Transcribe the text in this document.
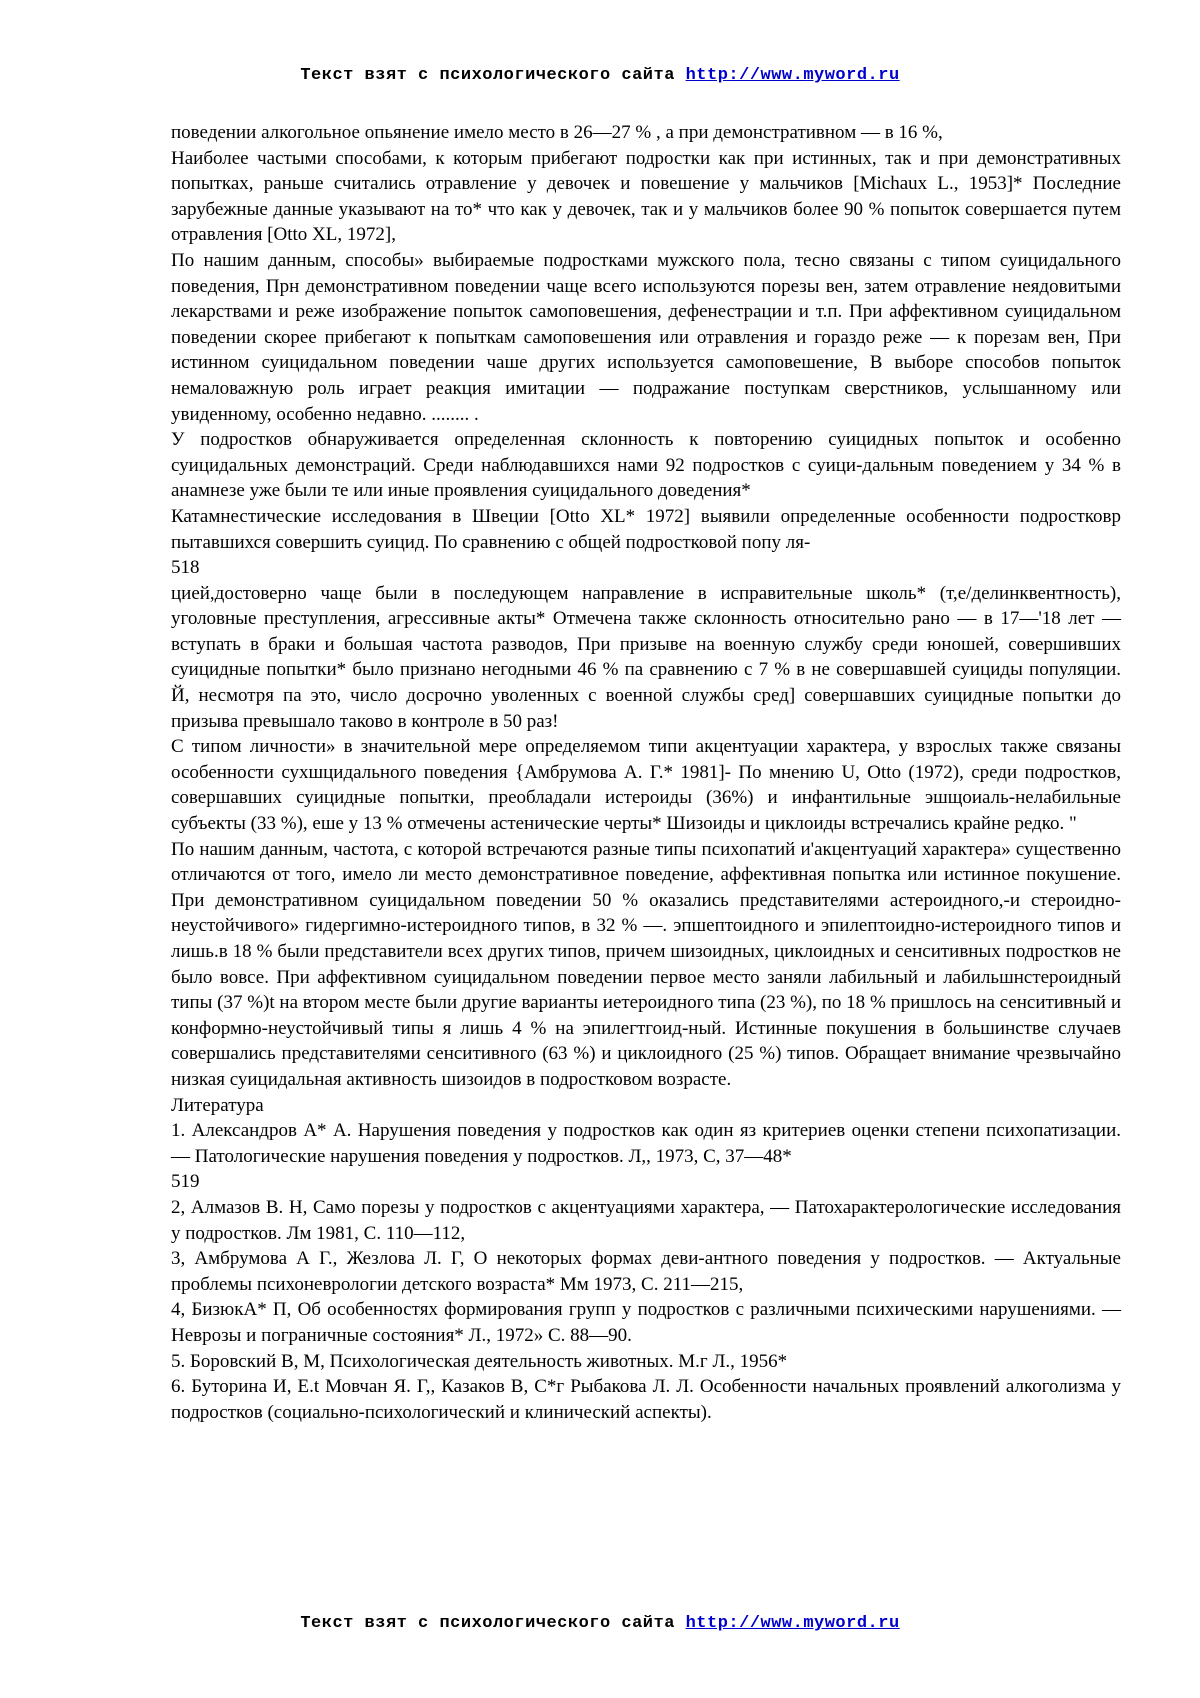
Текст взят с психологического сайта http://www.myword.ru

поведении алкогольное опьянение имело место в 26—27 % , а при демонстративном — в 16 %,

Наиболее частыми способами, к которым прибегают подростки как при истинных, так и при демонстративных попытках, раньше считались отравление у девочек и повешение у мальчиков [Michaux L., 1953]* Последние зарубежные данные указывают на то* что как у девочек, так и у мальчиков более 90 % попыток совершается путем отравления [Otto XL, 1972],

По нашим данным, способы» выбираемые подростками мужского пола, тесно связаны с типом суицидального поведения, Прн демонстративном поведении чаще всего используются порезы вен, затем отравление неядовитыми лекарствами и реже изображение попыток самоповешения, дефенестрации и т.п. При аффективном суицидальном поведении скорее прибегают к попыткам самоповешения или отравления и гораздо реже — к порезам вен, При истинном суицидальном поведении чаше других используется самоповешение, В выборе способов попыток немаловажную роль играет реакция имитации — подражание поступкам сверстников, услышанному или увиденному, особенно недавно. ........ .

У подростков обнаруживается определенная склонность к повторению суицидных попыток и особенно суицидальных демонстраций. Среди наблюдавшихся нами 92 подростков с суици-дальным поведением у 34 % в анамнезе уже были те или иные проявления суицидального доведения*

Катамнестические исследования в Швеции [Otto XL* 1972] выявили определенные особенности подростковр пытавшихся совершить суицид. По сравнению с общей подростковой попу ля-

518

цией,достоверно чаще были в последующем направление в исправительные школь* (т,е/делинквентность), уголовные преступления, агрессивные акты* Отмечена также склонность относительно рано — в 17—'18 лет — вступать в браки и большая частота разводов, При призыве на военную службу среди юношей, совершивших суицидные попытки* было признано негодными 46 % па сравнению с 7 % в не совершавшей суициды популяции. Й, несмотря па это, число досрочно уволенных с военной службы сред] совершавших суицидные попытки до призыва превышало таково в контроле в 50 раз!

С типом личности» в значительной мере определяемом типи акцентуации характера, у взрослых также связаны особенности сухшцидального поведения {Амбрумова А. Г.* 1981]- По мнению U, Otto (1972), среди подростков, совершавших суицидные попытки, преобладали истероиды (36%) и инфантильные эшщоиаль-нелабильные субъекты (33 %), еше у 13 % отмечены астенические черты* Шизоиды и циклоиды встречались крайне редко. "

По нашим данным, частота, с которой встречаются разные типы психопатий и'акцентуаций характера» существенно отличаются от того, имело ли место демонстративное поведение, аффективная попытка или истинное покушение. При демонстративном суицидальном поведении 50 % оказались представителями астероидного,-и стероидно-неустойчивого» гидергимно-истероидного типов, в 32 % —. эпшептоидного и эпилептоидно-истероидного типов и лишь.в 18 % были представители всех других типов, причем шизоидных, циклоидных и сенситивных подростков не было вовсе. При аффективном суицидальном поведении первое место заняли лабильный и лабильшнстероидный типы (37 %)t на втором месте были другие варианты иетероидного типа (23 %), по 18 % пришлось на сенситивный и конформно-неустойчивый типы я лишь 4 % на эпилегтгоид-ный. Истинные покушения в большинстве случаев совершались представителями сенситивного (63 %) и циклоидного (25 %) типов. Обращает внимание чрезвычайно низкая суицидальная активность шизоидов в подростковом возрасте.

Литература

1. Александров А* А. Нарушения поведения у подростков как один яз критериев оценки степени психопатизации. — Патологические нарушения поведения у подростков. Л,, 1973, С, 37—48*

519

2, Алмазов В. Н, Само порезы у подростков с акцентуациями характера, — Патохарактерологические исследования у подростков. Лм 1981, С. 110—112,

3, Амбрумова А Г., Жезлова Л. Г, О некоторых формах деви-антного поведения у подростков. — Актуальные проблемы психоневрологии детского возраста* Мм 1973, С. 211—215,

4, БизюкА* П, Об особенностях формирования групп у подростков с различными психическими нарушениями. — Неврозы и пограничные состояния* Л., 1972» С. 88—90.

5. Боровский В, М, Психологическая деятельность животных. М.г Л., 1956*

6. Буторина И, Е.t Мовчан Я. Г,, Казаков В, С*г Рыбакова Л. Л. Особенности начальных проявлений алкоголизма у подростков (социально-психологический и клинический аспекты).

Текст взят с психологического сайта http://www.myword.ru
